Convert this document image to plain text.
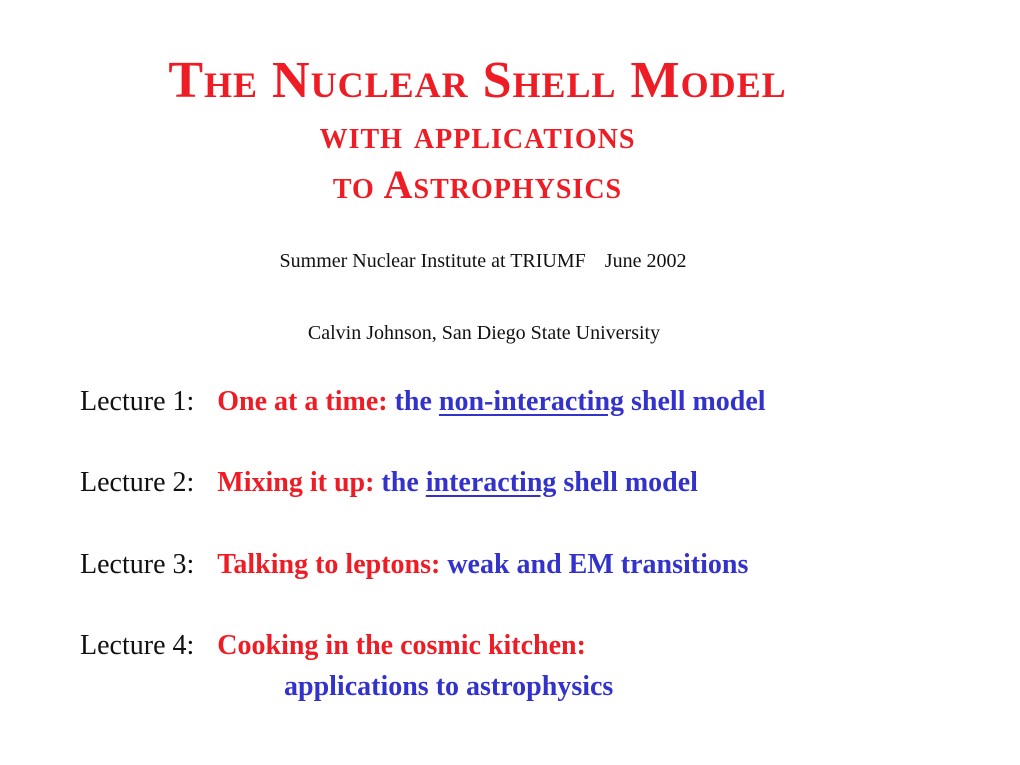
The Nuclear Shell Model
with applications
to Astrophysics
Summer Nuclear Institute at TRIUMF June 2002
Calvin Johnson, San Diego State University
Lecture 1: One at a time: the non-interacting shell model
Lecture 2: Mixing it up: the interacting shell model
Lecture 3: Talking to leptons: weak and EM transitions
Lecture 4: Cooking in the cosmic kitchen:
applications to astrophysics
